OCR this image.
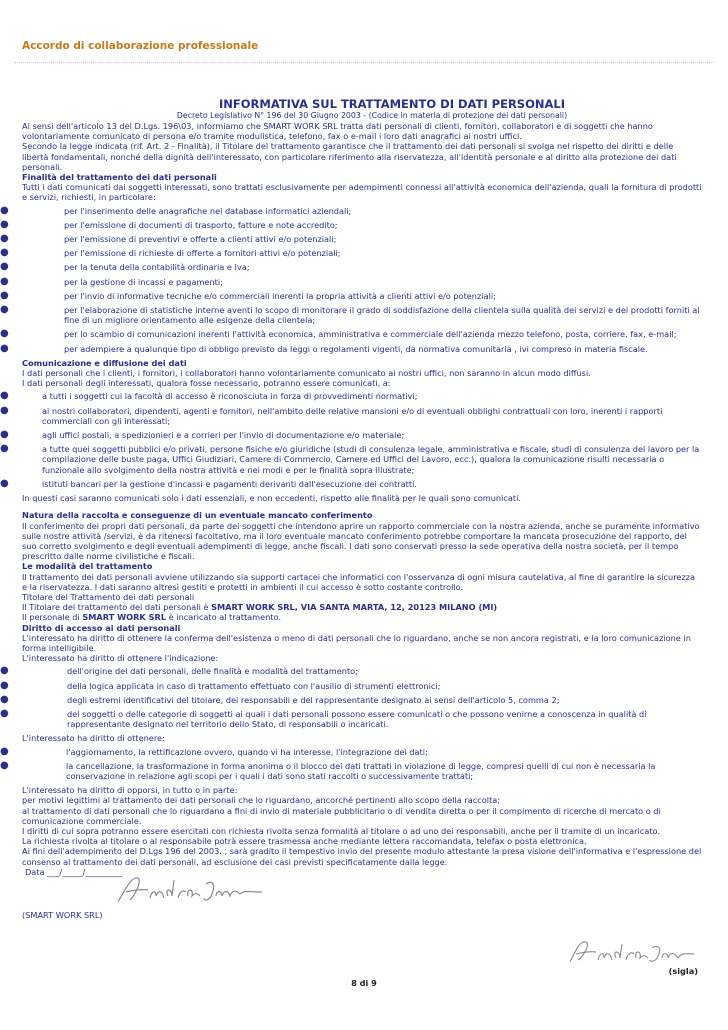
Accordo di collaborazione professionale
INFORMATIVA SUL TRATTAMENTO DI DATI PERSONALI
Decreto Legislativo N° 196 del 30 Giugno 2003 - (Codice in materia di protezione dei dati personali)

Ai sensi dell'articolo 13 del D.Lgs. 196\03, informiamo che SMART WORK SRL tratta dati personali di clienti, fornitori, collaboratori e di soggetti che hanno volontariamente comunicato di persona e/o tramite modulistica, telefono, fax o e-mail i loro dati anagrafici ai nostri uffici.

Secondo la legge indicata (rif. Art. 2 - Finalità), il Titolare del trattamento garantisce che il trattamento dei dati personali si svolga nel rispetto dei diritti e delle libertà fondamentali, nonché della dignità dell'interessato, con particolare riferimento alla riservatezza, all'identità personale e al diritto alla protezione dei dati personali.

Finalità del trattamento dei dati personali

Tutti i dati comunicati dai soggetti interessati, sono trattati esclusivamente per adempimenti connessi all'attività economica dell'azienda, quali la fornitura di prodotti e servizi, richiesti, in particolare:

●	per l'inserimento delle anagrafiche nei database informatici aziendali;

●	per l'emissione di documenti di trasporto, fatture e note accredito;

●	per l'emissione di preventivi e offerte a clienti attivi e/o potenziali;

●	per l'emissione di richieste di offerte a fornitori attivi e/o potenziali;

●	per la tenuta della contabilità ordinaria e Iva;

●	per la gestione di incassi e pagamenti;

●	per l'invio di informative tecniche e/o commerciali inerenti la propria attività a clienti attivi e/o potenziali;

●	per l'elaborazione di statistiche interne aventi lo scopo di monitorare il grado di soddisfazione della clientela sulla qualità dei servizi e dei prodotti forniti al fine di un migliore orientamento alle esigenze della clientela;

●	per lo scambio di comunicazioni inerenti l'attività economica, amministrativa e commerciale dell'azienda mezzo telefono, posta, corriere, fax, e-mail;

●	per adempiere a qualunque tipo di obbligo previsto da leggi o regolamenti vigenti, da normativa comunitaria , ivi compreso in materia fiscale.

Comunicazione e diffusione dei dati

I dati personali che i clienti, i fornitori, i collaboratori hanno volontariamente comunicato ai nostri uffici, non saranno in alcun modo diffusi.

I dati personali degli interessati, qualora fosse necessario, potranno essere comunicati, a:

●	a tutti i soggetti cui la facoltà di accesso è riconosciuta in forza di provvedimenti normativi;

●	ai nostri collaboratori, dipendenti, agenti e fornitori, nell'ambito delle relative mansioni e/o di eventuali obblighi contrattuali con loro, inerenti i rapporti commerciali con gli interessati;

●	agli uffici postali, a spedizionieri e a corrieri per l'invio di documentazione e/o materiale;

●	a tutte quei soggetti pubblici e/o privati, persone fisiche e/o giuridiche (studi di consulenza legale, amministrativa e fiscale, studi di consulenza del lavoro per la compilazione delle buste paga, Uffici Giudiziari, Camere di Commercio, Camere ed Uffici del Lavoro, ecc.), qualora la comunicazione risulti necessaria o funzionale allo svolgimento della nostra attività e nei modi e per le finalità sopra illustrate;

●	istituti bancari per la gestione d'incassi e pagamenti derivanti dall'esecuzione dei contratti.

In questi casi saranno comunicati solo i dati essenziali, e non eccedenti, rispetto alle finalità per le quali sono comunicati.

Natura della raccolta e conseguenze di un eventuale mancato conferimento

Il conferimento dei propri dati personali, da parte dei soggetti che intendono aprire un rapporto commerciale con la nostra azienda, anche se puramente informativo sulle nostre attività /servizi, è da ritenersi facoltativo, ma il loro eventuale mancato conferimento potrebbe comportare la mancata prosecuzione del rapporto, del suo corretto svolgimento e degli eventuali adempimenti di legge, anche fiscali. I dati sono conservati presso la sede operativa della nostra società, per il tempo prescritto dalle norme civilistiche e fiscali.

Le modalità del trattamento

Il trattamento dei dati personali avviene utilizzando sia supporti cartacei che informatici con l'osservanza di ogni misura cautelativa, al fine di garantire la sicurezza e la riservatezza. I dati saranno altresì gestiti e protetti in ambienti il cui accesso è sotto costante controllo.

Titolare del Trattamento dei dati personali

Il Titolare del trattamento dei dati personali è SMART WORK SRL, VIA SANTA MARTA, 12, 20123 MILANO (MI)

Il personale di SMART WORK SRL è incaricato al trattamento.

Diritto di accesso ai dati personali

L'interessato ha diritto di ottenere la conferma dell'esistenza o meno di dati personali che lo riguardano, anche se non ancora registrati, e la loro comunicazione in forma intelligibile.

L'interessato ha diritto di ottenere l'indicazione:

●	dell'origine dei dati personali, delle finalità e modalità del trattamento;

●	della logica applicata in caso di trattamento effettuato con l'ausilio di strumenti elettronici;

●	degli estremi identificativi del titolare, dei responsabili e del rappresentante designato ai sensi dell'articolo 5, comma 2;

●	dei soggetti o delle categorie di soggetti ai quali i dati personali possono essere comunicati o che possono venirne a conoscenza in qualità di rappresentante designato nel territorio dello Stato, di responsabili o incaricati.

L'interessato ha diritto di ottenere:

●	l'aggiornamento, la rettificazione ovvero, quando vi ha interesse, l'integrazione dei dati;

●	la cancellazione, la trasformazione in forma anonima o il blocco dei dati trattati in violazione di legge, compresi quelli di cui non è necessaria la conservazione in relazione agli scopi per i quali i dati sono stati raccolti o successivamente trattati;

L'interessato ha diritto di opporsi, in tutto o in parte:

per motivi legittimi al trattamento dei dati personali che lo riguardano, ancorché pertinenti allo scopo della raccolta;

al trattamento di dati personali che lo riguardano a fini di invio di materiale pubblicitario o di vendita diretta o per il compimento di ricerche di mercato o di comunicazione commerciale.

I diritti di cui sopra potranno essere esercitati con richiesta rivolta senza formalità al titolare o ad uno dei responsabili, anche per il tramite di un incaricato.

La richiesta rivolta al titolare o al responsabile potrà essere trasmessa anche mediante lettera raccomandata, telefax o posta elettronica.

Ai fini dell'adempimento del D.Lgs 196 del 2003. , sarà gradito il tempestivo invio del presente modulo attestante la presa visione dell'informativa e l'espressione del consenso al trattamento dei dati personali, ad esclusione dei casi previsti specificatamente dalla legge.

Data ___/_____/_________

(SMART WORK SRL)
(sigla)
8 di 9
